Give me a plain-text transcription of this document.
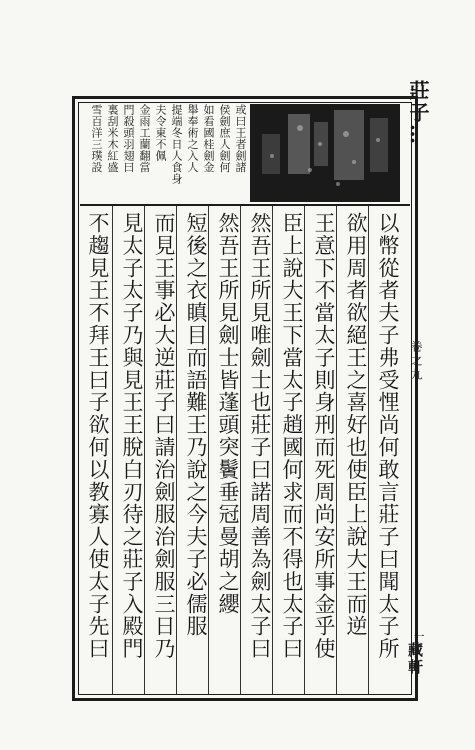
莊子…
卷之九
一
藏軒
或曰王者劍諸
侯劍庶人劍何
如看國桂劍金
舉奉術之入人
提端冬日人食身
夫令東不佩
金雨工蘭翻當
門殺頭羽翅曰
裏刮米木紅盛
雪百洋三璞設
以幣從者夫子弗受悝尚何敢言莊子曰聞太子所
欲用周者欲絕王之喜好也使臣上說大王而逆
王意下不當太子則身刑而死周尚安所事金乎使
臣上說大王下當太子趙國何求而不得也太子曰
然吾王所見唯劍士也莊子曰諾周善為劍太子曰
然吾王所見劍士皆蓬頭突鬢垂冠曼胡之纓
短後之衣瞋目而語難王乃說之今夫子必儒服
而見王事必大逆莊子曰請治劍服治劍服三日乃
見太子太子乃與見王王脫白刃待之莊子入殿門
不趨見王不拜王曰子欲何以教寡人使太子先曰
